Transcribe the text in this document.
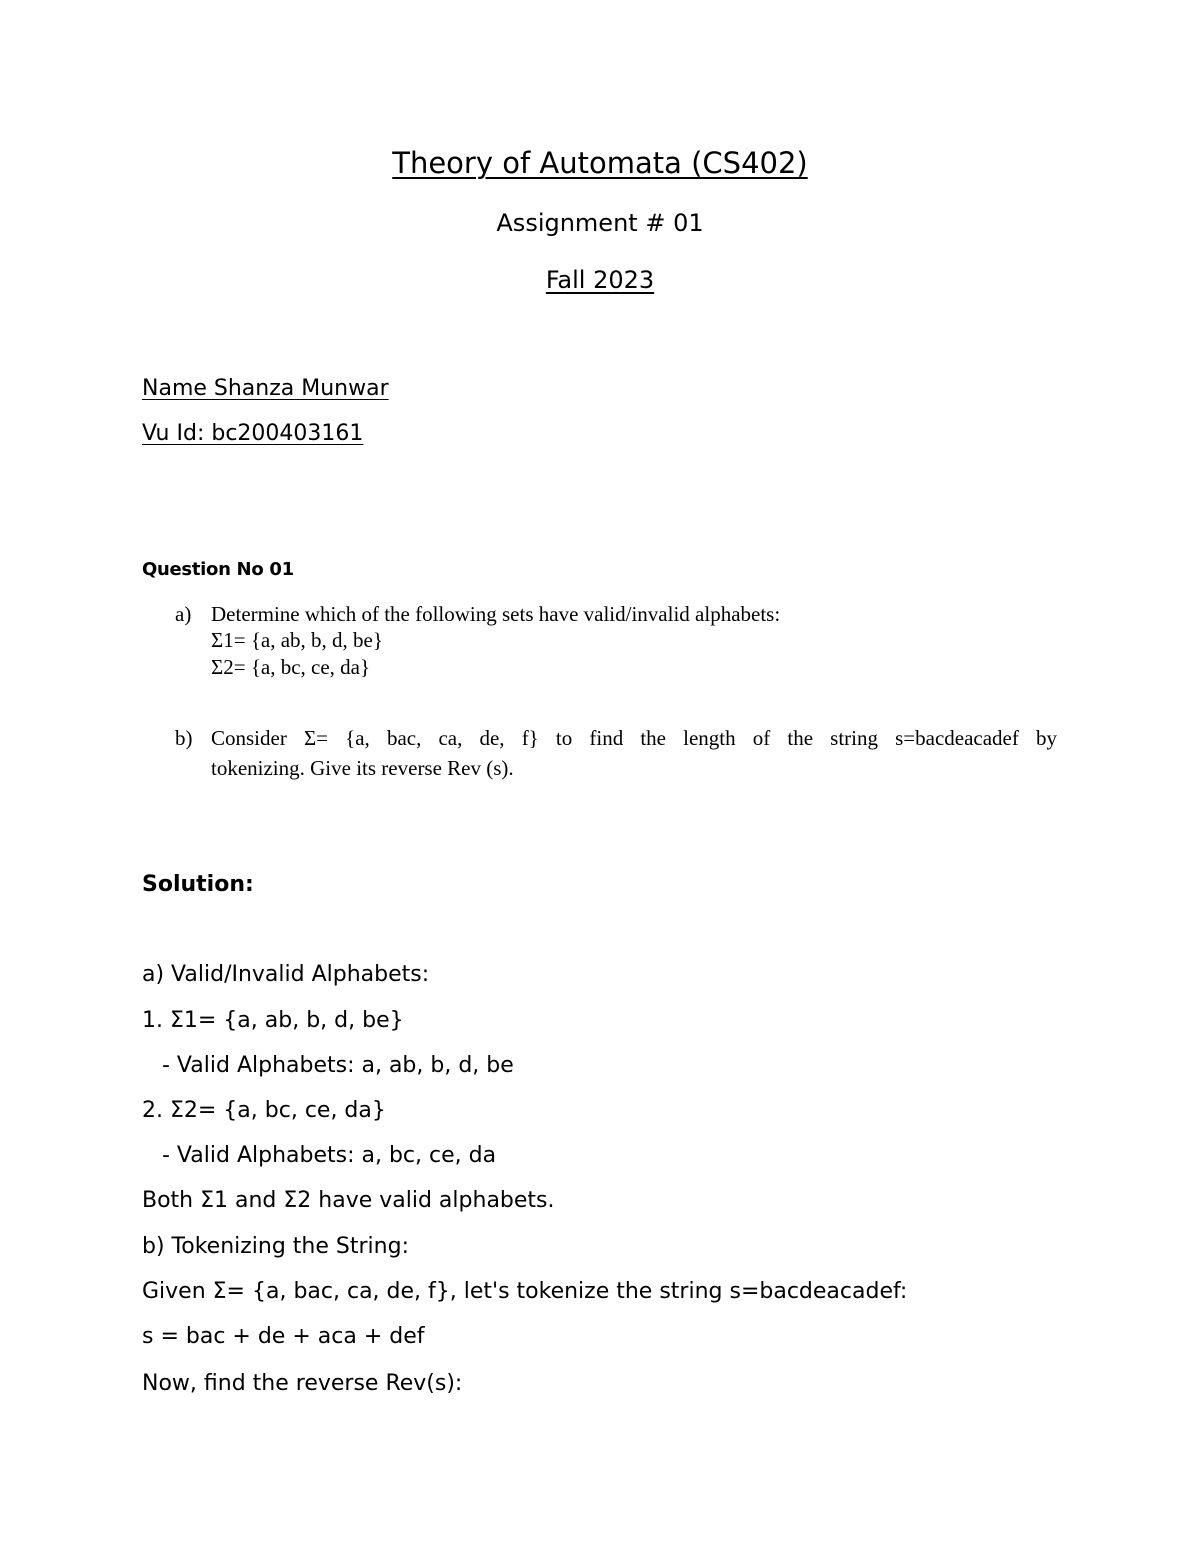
Theory of Automata (CS402)
Assignment # 01
Fall 2023
Name Shanza Munwar
Vu Id: bc200403161
Question No 01
a) Determine which of the following sets have valid/invalid alphabets:
Σ1= {a, ab, b, d, be}
Σ2= {a, bc, ce, da}
b) Consider Σ= {a, bac, ca, de, f} to find the length of the string s=bacdeacadef by
tokenizing. Give its reverse Rev (s).
Solution:
a) Valid/Invalid Alphabets:
1. Σ1= {a, ab, b, d, be}
- Valid Alphabets: a, ab, b, d, be
2. Σ2= {a, bc, ce, da}
- Valid Alphabets: a, bc, ce, da
Both Σ1 and Σ2 have valid alphabets.
b) Tokenizing the String:
Given Σ= {a, bac, ca, de, f}, let's tokenize the string s=bacdeacadef:
s = bac + de + aca + def
Now, find the reverse Rev(s):
